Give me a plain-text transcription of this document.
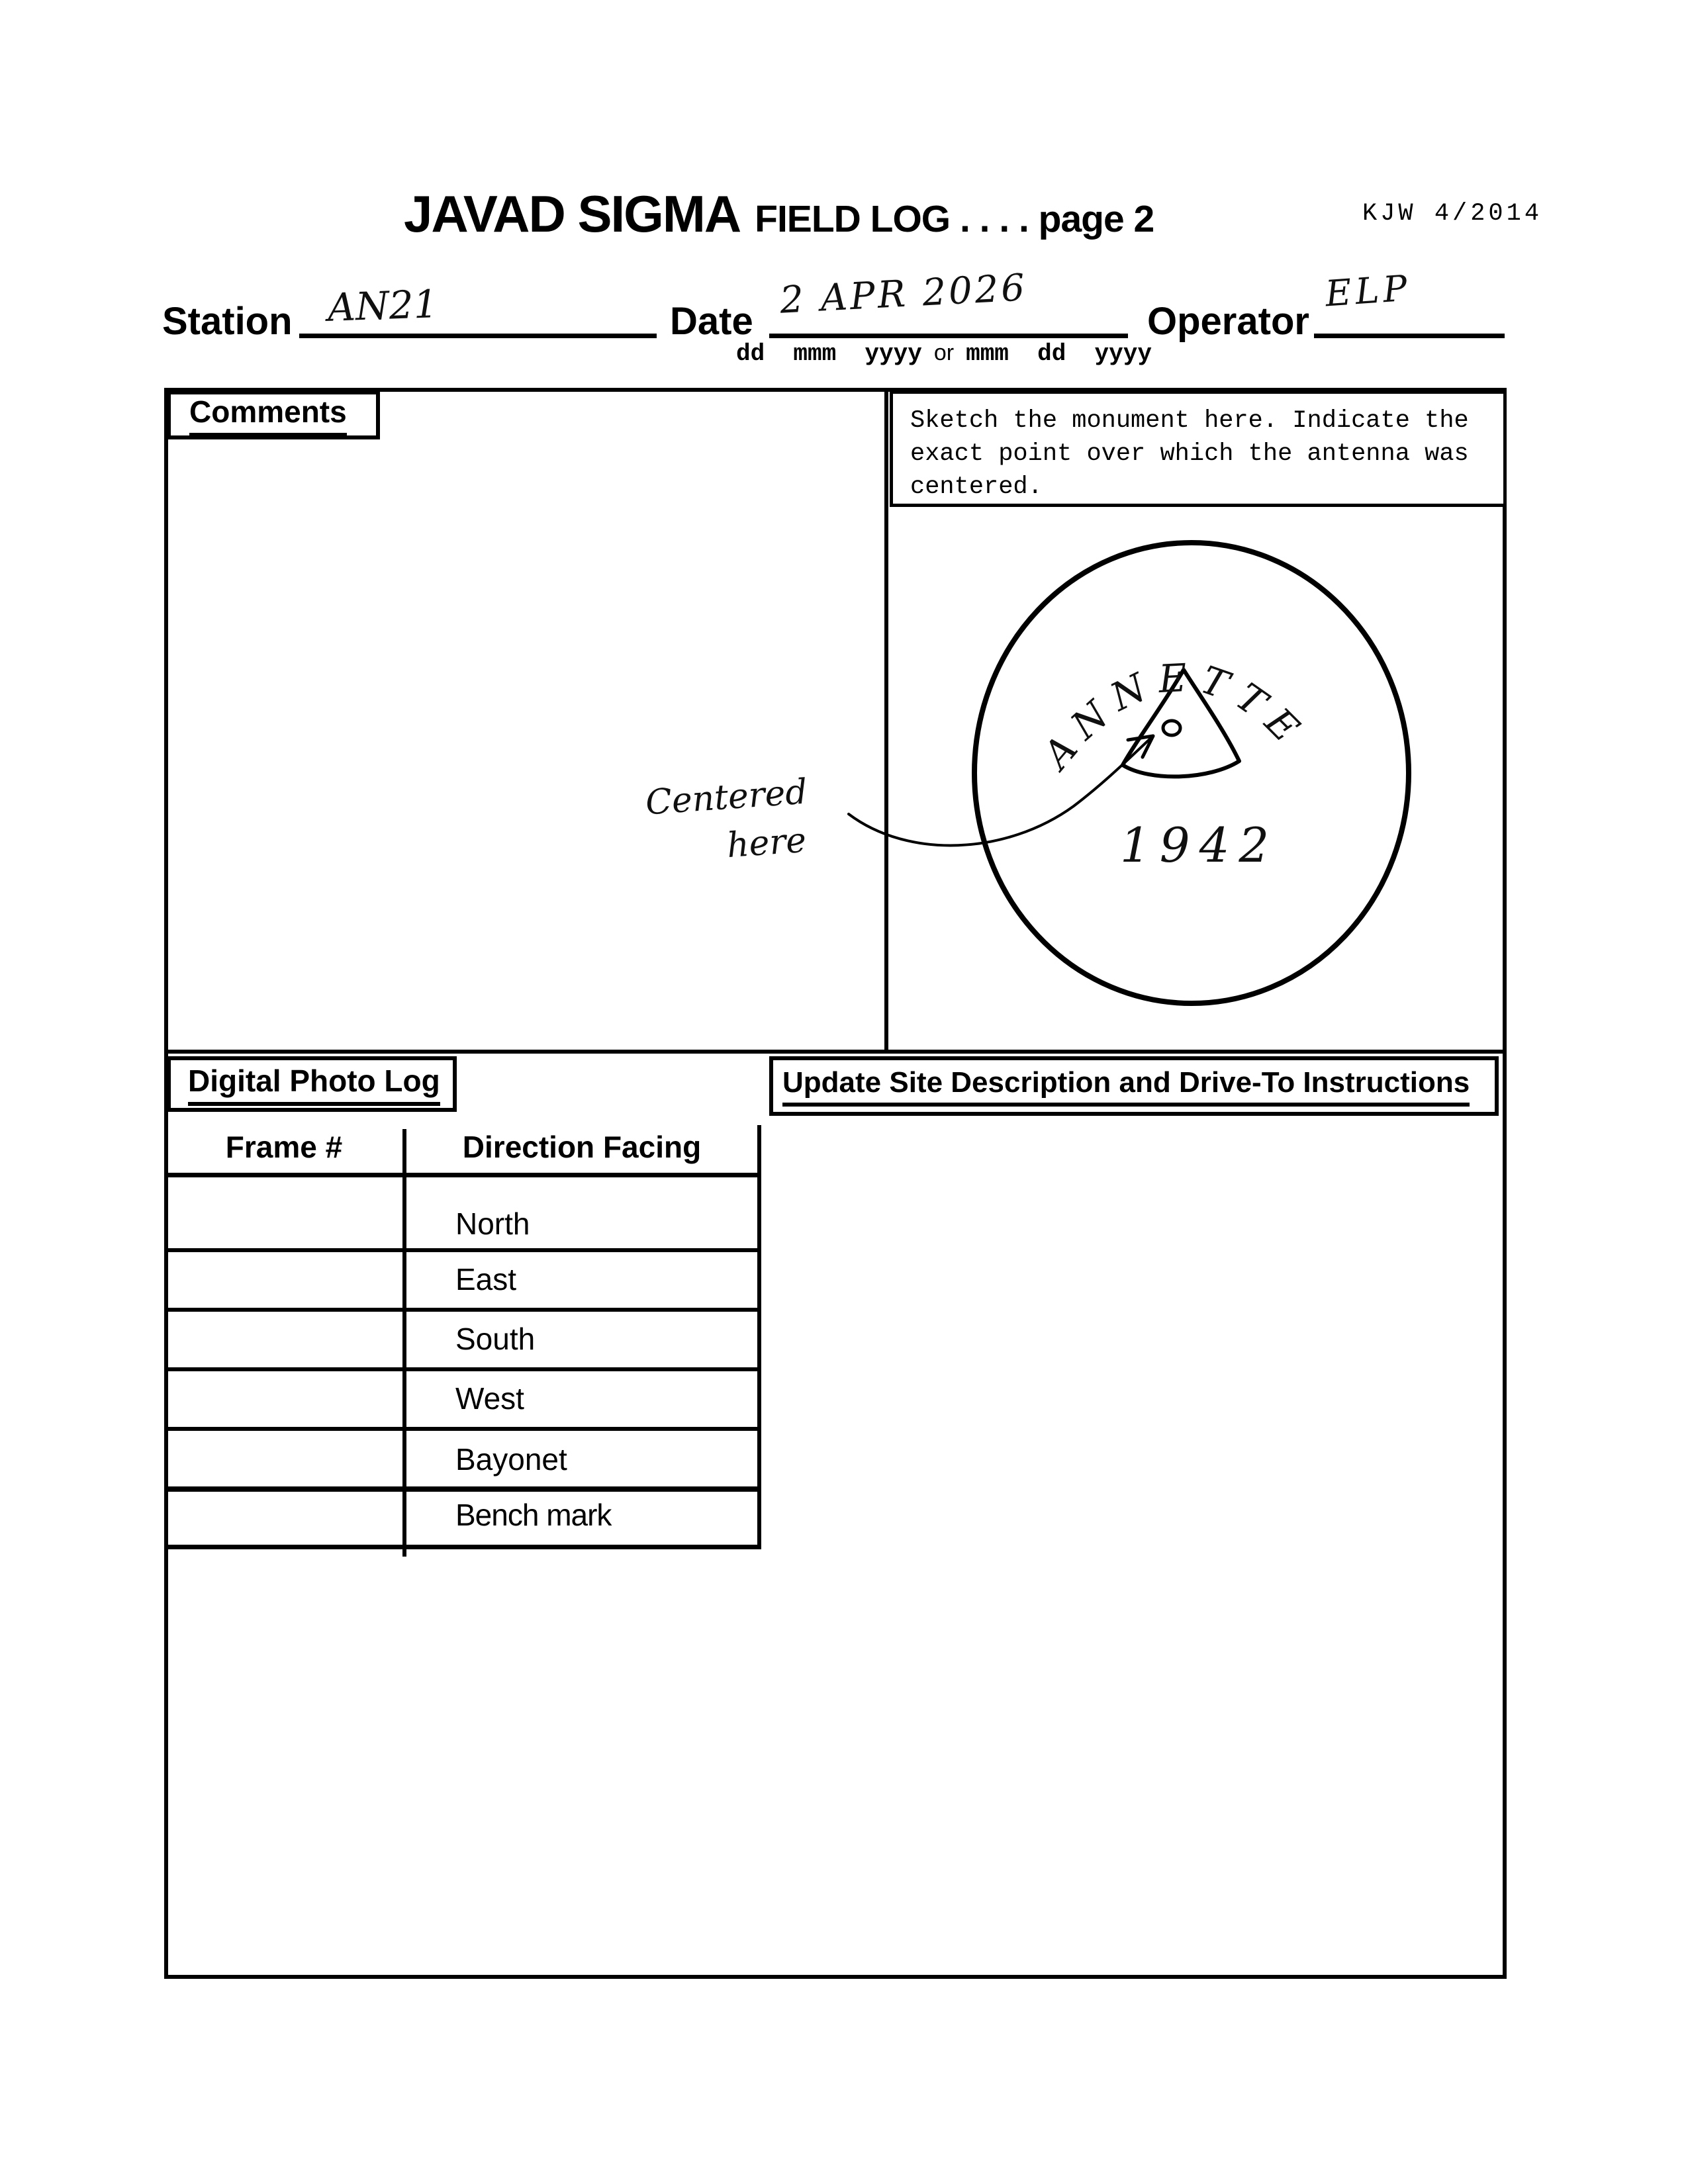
JAVAD SIGMA FIELD LOG . . . . page 2	KJW 4/2014
Station AN21	Date 2 APR 2026
dd  mmm  yyyy or mmm  dd  yyyy
Operator
ELP
Comments	Sketch the monument here. Indicate the
exact point over which the antenna was
centered.
Centered
here
ANNETTE
1942
Digital Photo Log
Frame #	Direction Facing
North
East
South
West
Bayonet
Bench mark
Update Site Description and Drive-To Instructions
